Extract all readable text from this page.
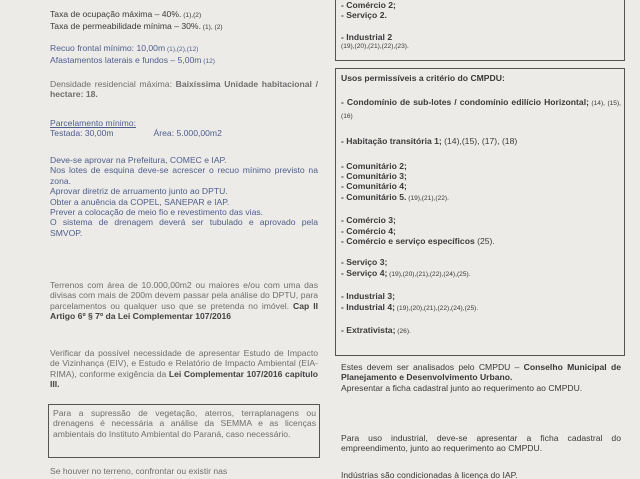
Taxa de ocupação máxima – 40%. (1),(2)

Taxa de permeabilidade mínima – 30%. (1), (2)

Recuo frontal mínimo: 10,00m (1),(2),(12)

Afastamentos laterais e fundos – 5,00m (12)

Densidade residencial máxima: Baixíssima Unidade habitacional / hectare: 18.

Parcelamento mínimo:

Testada: 30,00m	Área: 5.000,00m2

Deve-se aprovar na Prefeitura, COMEC e IAP.

Nos lotes de esquina deve-se acrescer o recuo mínimo previsto na zona.

Aprovar diretriz de arruamento junto ao DPTU.

Obter a anuência da COPEL, SANEPAR e IAP.

Prever a colocação de meio fio e revestimento das vias.

O sistema de drenagem deverá ser tubulado e aprovado pela SMVOP.

Terrenos com área de 10.000,00m2 ou maiores e/ou com uma das divisas com mais de 200m devem passar pela análise do DPTU, para parcelamentos ou qualquer uso que se pretenda no imóvel. Cap II Artigo 6º § 7º da Lei Complementar 107/2016
Verificar da possível necessidade de apresentar Estudo de Impacto de Vizinhança (EIV), e Estudo e Relatório de Impacto Ambiental (EIA-RIMA), conforme exigência da Lei Complementar 107/2016 capítulo III.
Para a supressão de vegetação, aterros, terraplanagens ou drenagens é necessária a análise da SEMMA e as licenças ambientais do Instituto Ambiental do Paraná, caso necessário.
Se houver no terreno, confrontar ou existir nas

- Comércio 2;

- Serviço 2.

- Industrial 2

(19),(20),(21),(22),(23).

Usos permissíveis a critério do CMPDU:

- Condomínio de sub-lotes / condomínio edilício Horizontal; (14), (15), (16)

- Habitação transitória 1; (14),(15), (17), (18)

- Comunitário 2;

- Comunitário 3;

- Comunitário 4;

- Comunitário 5. (19),(21),(22).

- Comércio 3;

- Comércio 4;

- Comércio e serviço específicos (25).

- Serviço 3;

- Serviço 4; (19),(20),(21),(22),(24),(25).

- Industrial 3;

- Industrial 4; (19),(20),(21),(22),(24),(25).

- Extrativista; (26).

Estes devem ser analisados pelo CMPDU – Conselho Municipal de Planejamento e Desenvolvimento Urbano.

Apresentar a ficha cadastral junto ao requerimento ao CMPDU.

Para uso industrial, deve-se apresentar a ficha cadastral do empreendimento, junto ao requerimento ao CMPDU.
Indústrias são condicionadas à licença do IAP.
